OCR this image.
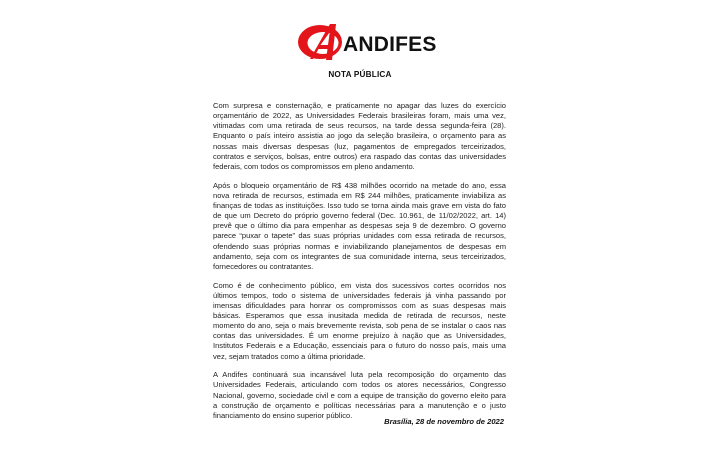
ANDIFES
NOTA PÚBLICA

Com surpresa e consternação, e praticamente no apagar das luzes do exercício orçamentário de 2022, as Universidades Federais brasileiras foram, mais uma vez, vitimadas com uma retirada de seus recursos, na tarde dessa segunda-feira (28). Enquanto o país inteiro assistia ao jogo da seleção brasileira, o orçamento para as nossas mais diversas despesas (luz, pagamentos de empregados terceirizados, contratos e serviços, bolsas, entre outros) era raspado das contas das universidades federais, com todos os compromissos em pleno andamento.

Após o bloqueio orçamentário de R$ 438 milhões ocorrido na metade do ano, essa nova retirada de recursos, estimada em R$ 244 milhões, praticamente inviabiliza as finanças de todas as instituições. Isso tudo se torna ainda mais grave em vista do fato de que um Decreto do próprio governo federal (Dec. 10.961, de 11/02/2022, art. 14) prevê que o último dia para empenhar as despesas seja 9 de dezembro. O governo parece “puxar o tapete” das suas próprias unidades com essa retirada de recursos, ofendendo suas próprias normas e inviabilizando planejamentos de despesas em andamento, seja com os integrantes de sua comunidade interna, seus terceirizados, fornecedores ou contratantes.

Como é de conhecimento público, em vista dos sucessivos cortes ocorridos nos últimos tempos, todo o sistema de universidades federais já vinha passando por imensas dificuldades para honrar os compromissos com as suas despesas mais básicas. Esperamos que essa inusitada medida de retirada de recursos, neste momento do ano, seja o mais brevemente revista, sob pena de se instalar o caos nas contas das universidades. É um enorme prejuízo à nação que as Universidades, Institutos Federais e a Educação, essenciais para o futuro do nosso país, mais uma vez, sejam tratados como a última prioridade.

A Andifes continuará sua incansável luta pela recomposição do orçamento das Universidades Federais, articulando com todos os atores necessários, Congresso Nacional, governo, sociedade civil e com a equipe de transição do governo eleito para a construção de orçamento e políticas necessárias para a manutenção e o justo financiamento do ensino superior público.

Brasília, 28 de novembro de 2022
